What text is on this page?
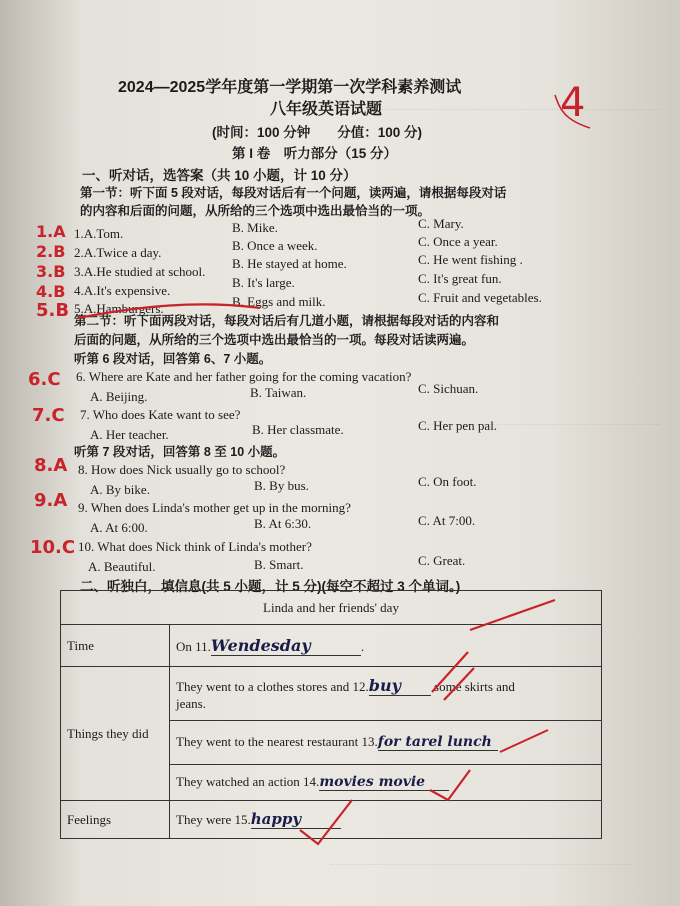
2024—2025学年度第一学期第一次学科素养测试
八年级英语试题
(时间：100 分钟　　分值：100 分)
第 I 卷　听力部分（15 分）
一、听对话，选答案（共 10 小题，计 10 分）
第一节：听下面 5 段对话，每段对话后有一个问题，读两遍，请根据每段对话
的内容和后面的问题，从所给的三个选项中选出最恰当的一项。
1.A 1.A.Tom.	B. Mike.	C. Mary.
2.B 2.A.Twice a day.	B. Once a week.	C. Once a year.
3.B 3.A.He studied at school.
B. He stayed at home.	C. He went fishing .
4.B 4.A.It's expensive.
B. It's large.	C. It's great fun.
5.B 5.A.Hamburgers.	B. Eggs and milk.	C. Fruit and vegetables.
第二节：听下面两段对话，每段对话后有几道小题，请根据每段对话的内容和
后面的问题，从所给的三个选项中选出最恰当的一项。每段对话读两遍。
听第 6 段对话，回答第 6、7 小题。
6.C 6. Where are Kate and her father going for the coming vacation?
A. Beijing.	B. Taiwan.	C. Sichuan.
7.C 7. Who does Kate want to see?
A. Her teacher.	B. Her classmate.	C. Her pen pal.
听第 7 段对话，回答第 8 至 10 小题。
8.A 8. How does Nick usually go to school?
A. By bike.	B. By bus.	C. On foot.
9.A 9. When does Linda's mother get up in the morning?
A. At 6:00.	B. At 6:30.	C. At 7:00.
10.C 10. What does Nick think of Linda's mother?
A. Beautiful.	B. Smart.	C. Great.
二、听独白，填信息(共 5 小题，计 5 分)(每空不超过 3 个单词。)
Linda and her friends' day	
Time	On 11.Wendesday .
Things they did	They went to a clothes stores and 12.buy some skirts and
jeans.
	They went to the nearest restaurant 13.for tarel lunch
	They watched an action 14.movies movie
Feelings	They were 15.happy
4
